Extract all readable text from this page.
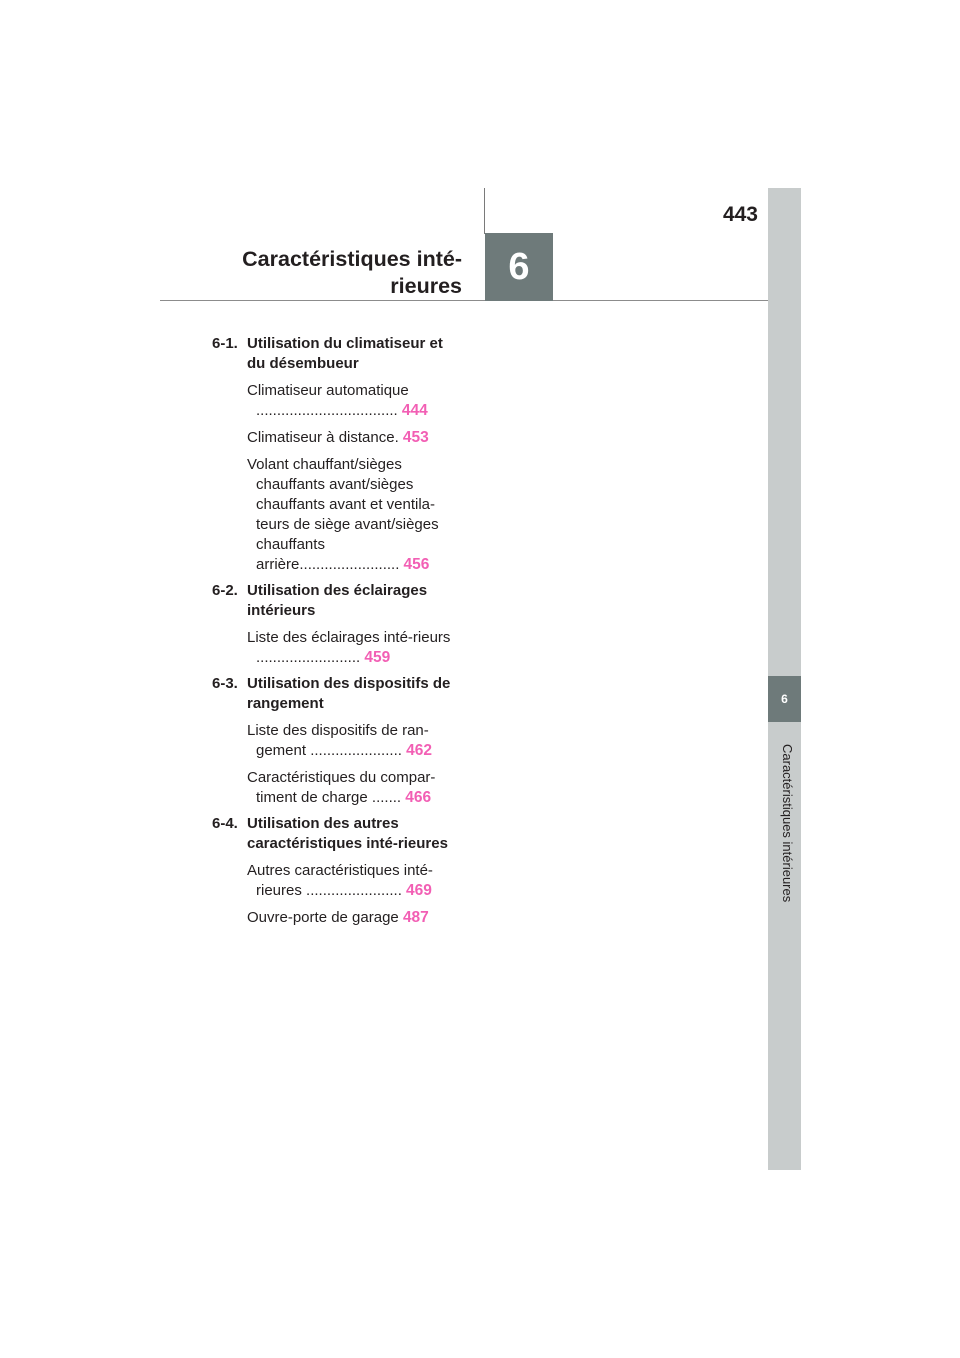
443
Caractéristiques inté-
rieures	6
6
Caractéristiques intérieures
6-1. Utilisation du climatiseur et du désembueur
Climatiseur automatique .................................. 444
Climatiseur à distance. 453
Volant chauffant/sièges chauffants avant/sièges chauffants avant et ventila-teurs de siège avant/sièges chauffants arrière........................ 456
6-2. Utilisation des éclairages intérieurs
Liste des éclairages inté-rieurs ......................... 459
6-3. Utilisation des dispositifs de rangement
Liste des dispositifs de ran-gement ...................... 462
Caractéristiques du compar-timent de charge ....... 466
6-4. Utilisation des autres caractéristiques inté-rieures
Autres caractéristiques inté-rieures ....................... 469
Ouvre-porte de garage 487
